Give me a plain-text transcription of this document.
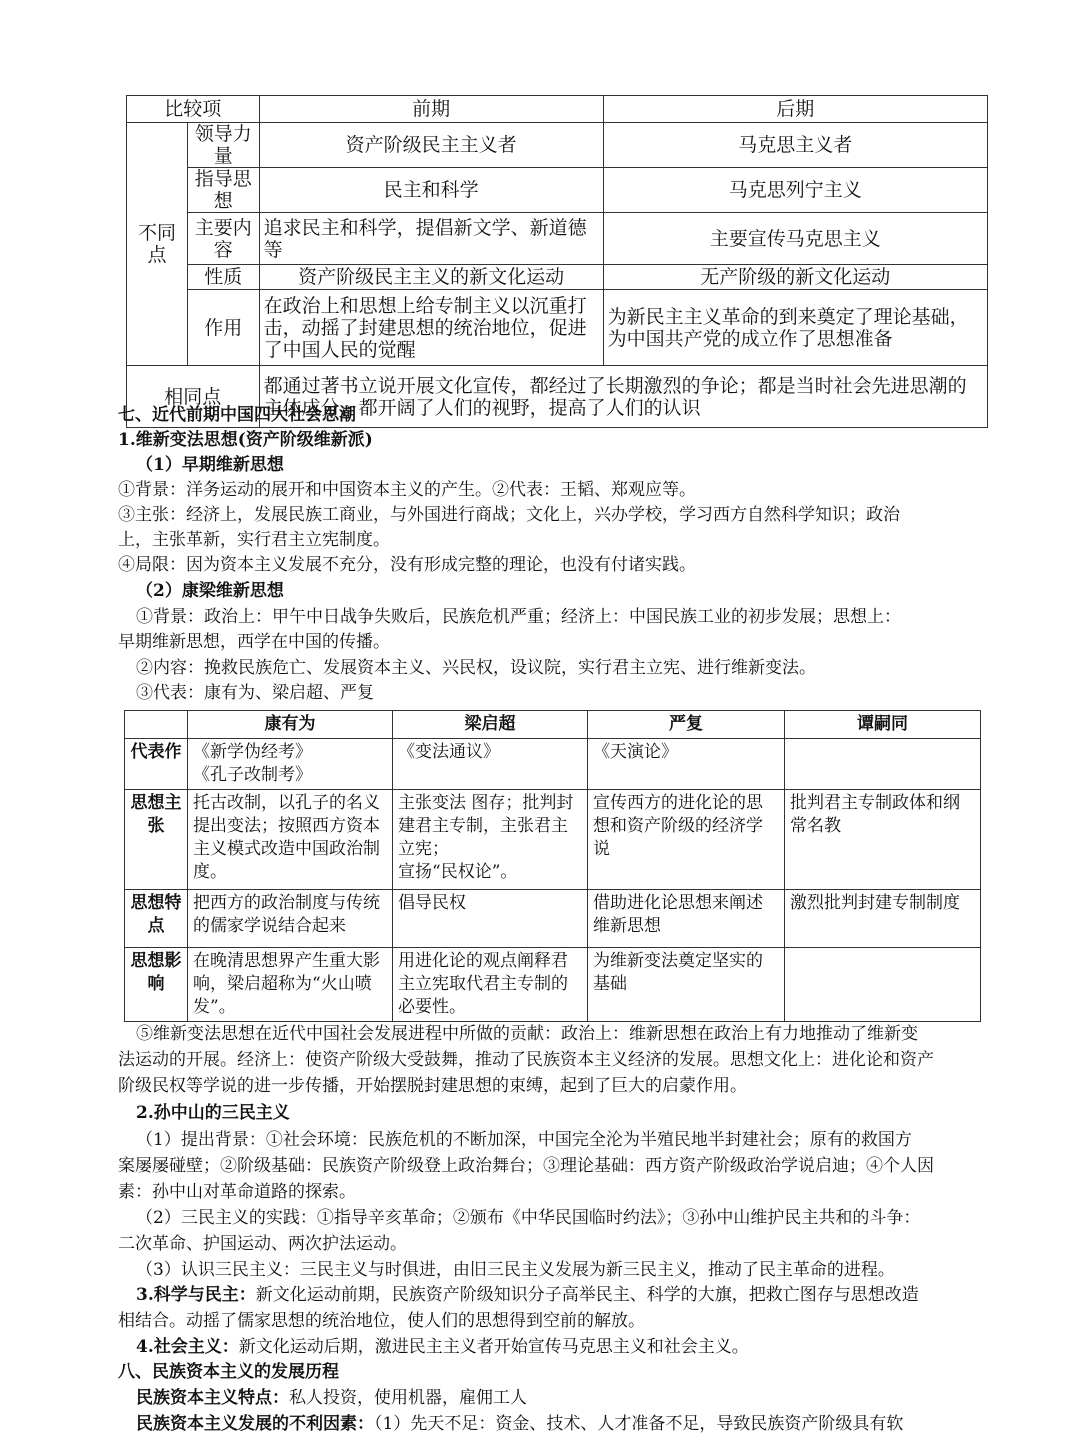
比较项		前期	后期
不同点	领导力量	资产阶级民主主义者	马克思主义者
	指导思想	民主和科学	马克思列宁主义
	主要内容	追求民主和科学，提倡新文学、新道德等	主要宣传马克思主义
	性质	资产阶级民主主义的新文化运动	无产阶级的新文化运动
	作用	在政治上和思想上给专制主义以沉重打击，动摇了封建思想的统治地位，促进了中国人民的觉醒	为新民主主义革命的到来奠定了理论基础，为中国共产党的成立作了思想准备
相同点		都通过著书立说开展文化宣传，都经过了长期激烈的争论；都是当时社会先进思潮的主体成分，都开阔了人们的视野，提高了人们的认识	
七、近代前期中国四大社会思潮
1.维新变法思想(资产阶级维新派)
（1）早期维新思想
①背景：洋务运动的展开和中国资本主义的产生。②代表：王韬、郑观应等。
③主张：经济上，发展民族工商业，与外国进行商战；文化上，兴办学校，学习西方自然科学知识；政治
上，主张革新，实行君主立宪制度。
④局限：因为资本主义发展不充分，没有形成完整的理论，也没有付诸实践。
（2）康梁维新思想
①背景：政治上：甲午中日战争失败后，民族危机严重；经济上：中国民族工业的初步发展；思想上：
早期维新思想，西学在中国的传播。
②内容：挽救民族危亡、发展资本主义、兴民权，设议院，实行君主立宪、进行维新变法。
③代表：康有为、梁启超、严复
	康有为	梁启超	严复	谭嗣同
代表作	《新学伪经考》
《孔子改制考》	《变法通议》	《天演论》	
思想主张	托古改制，以孔子的名义提出变法；按照西方资本主义模式改造中国政治制度。	主张变法 图存；批判封建君主专制，主张君主立宪；
宣扬“民权论”。	宣传西方的进化论的思想和资产阶级的经济学说	批判君主专制政体和纲常名教
思想特点	把西方的政治制度与传统的儒家学说结合起来	倡导民权	借助进化论思想来阐述维新思想	激烈批判封建专制制度
思想影响	在晚清思想界产生重大影响，梁启超称为“火山喷发”。	用进化论的观点阐释君主立宪取代君主专制的必要性。	为维新变法奠定坚实的基础	
⑤维新变法思想在近代中国社会发展进程中所做的贡献：政治上：维新思想在政治上有力地推动了维新变
法运动的开展。经济上：使资产阶级大受鼓舞，推动了民族资本主义经济的发展。思想文化上：进化论和资产
阶级民权等学说的进一步传播，开始摆脱封建思想的束缚，起到了巨大的启蒙作用。
2.孙中山的三民主义
（1）提出背景：①社会环境：民族危机的不断加深，中国完全沦为半殖民地半封建社会；原有的救国方
案屡屡碰壁；②阶级基础：民族资产阶级登上政治舞台；③理论基础：西方资产阶级政治学说启迪；④个人因
素：孙中山对革命道路的探索。
（2）三民主义的实践：①指导辛亥革命；②颁布《中华民国临时约法》；③孙中山维护民主共和的斗争：
二次革命、护国运动、两次护法运动。
（3）认识三民主义：三民主义与时俱进，由旧三民主义发展为新三民主义，推动了民主革命的进程。
3.科学与民主：新文化运动前期，民族资产阶级知识分子高举民主、科学的大旗，把救亡图存与思想改造
相结合。动摇了儒家思想的统治地位，使人们的思想得到空前的解放。
4.社会主义：新文化运动后期，激进民主主义者开始宣传马克思主义和社会主义。
八、民族资本主义的发展历程
民族资本主义特点：私人投资，使用机器，雇佣工人
民族资本主义发展的不利因素：（1）先天不足：资金、技术、人才准备不足，导致民族资产阶级具有软
